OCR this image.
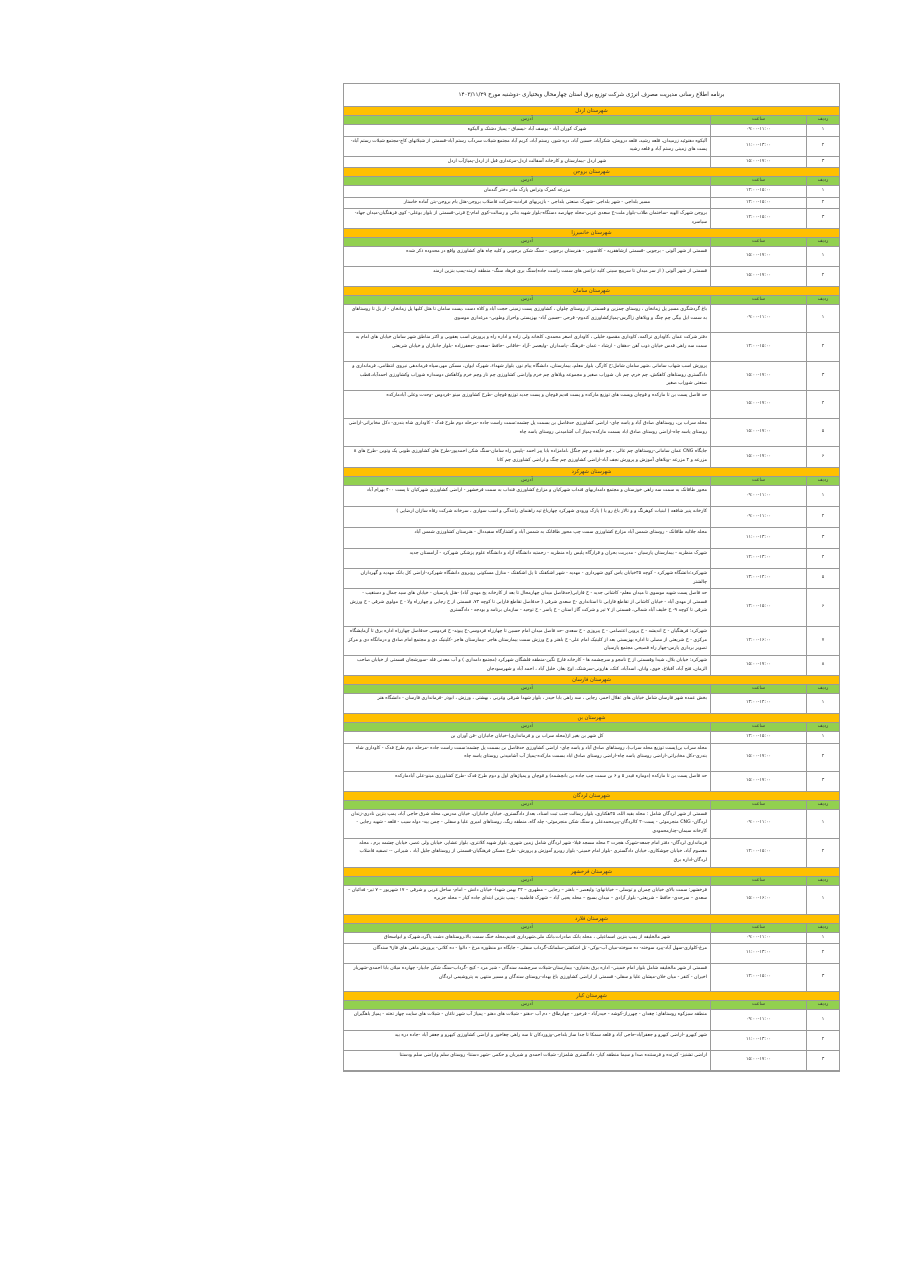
برنامه اطلاع رسانی مدیریت مصرف انرژی شرکت توزیع برق استان چهارمحال وبختیاری -دوشنبه مورخ ۱۴۰۳/۱۱/۲۹
شهرستان اردل
ردیف
ساعت
آدرس
۱
۰۹:۰۰-۱۱:۰۰
شهرک کوران آباد - یوسف آباد -نیسیاق - پمپاژ دشتک و آلیکوه
۲
۱۱:۰۰-۱۳:۰۰
آلیکوه دهنوئید زرمیدان، قلعه رشید، قلعه درویش، شکرآباد، حسین آباد، دره شور، رستم آباد، کریم آباد مجتمع شیلات سردآب رستم آباد-قسمتی از شیلاتهای کاج-مجتمع شیلات رستم آباد-پست های زمینی رستم آباد و قلعه رشید
۳
۱۵:۰۰-۱۷:۰۰
شهر اردل -بیمارستان و کارخانه آسفالت اردل-مرغداری قبل از اردل-پمپاژآب اردل
شهرستان بروجن
ردیف
ساعت
آدرس
۱
۱۴:۰۰-۱۵:۰۰
مزرعه کمرک وتراس پارک مادر دختر گندمان
۲
۱۴:۰۰-۱۵:۰۰
مسیر بلداجی - شهر بلداجی -شهرک صنعتی بلداجی - بازیریهای فرادنبه-شرکت فاضلاب بروجن-هتل بام بروجن-بتن آماده خاستار
۳
۱۴:۰۰-۱۵:۰۰
بروجن شهرک الهیه -ساختمان طلاب-بلوار ملت-خ سعدی غربی-محله چهارصد دستگاه-بلوار شهید بنائی و رسالت-کوی امام-خ قرنی-قسمتی از بلوار بوعلی- کوی فرهنگیان-میدان جهاد- سیاسرد
شهرستان خانمیرزا
ردیف
ساعت
آدرس
۱
۱۵:۰۰-۱۷:۰۰
قسمتی از شهر آلونی - برجویی -قسمتی ازشاهفریه - کلاسویی - هنرستان برجویی - سنگ شکن برجویی و کلیه چاه های کشاورزی واقع در محدوده ذکر شده
۲
۱۵:۰۰-۱۷:۰۰
قسمتی از شهر آلونی ( از سر میدان تا سرپیچ سینی کلیه ترانس های سمت راست جاده)سنگ بری فرهاد سنگ- منطقه ارمند-پمپ بنزین ارمند
شهرستان سامان
ردیف
ساعت
آدرس
۱
۰۹:۰۰-۱۱:۰۰
باغ گردشگری مسیر پل زمانخان ، روستای چمزین و قسمتی از روستای چلوان ، کشاورزی پست زمینی حجت آباد و کلاه دست ،پست سامان تا هتل کلبها پل زمانخان - از پل تا روستاهای به سمت ایل بیگی چم چنگ و ویلاهای زاگرس-پمپاژکشاورزی کندوم- قرحی -حسین آباد- بهزیستی واحراز وطوبی- مرغداری موسوی
۲
۱۴:۰۰-۱۵:۰۰
دفتر شرکت عمان ،کاوداری تراکمه، کاوداری مقصود خلیلی ، کاوداری اصغر محمدی، کلخانه ولی زاده و اداره راه و پرورش اسب یعقوبی و اکثر مناطق شهر سامان خیابان های امام به سمت سه راهی قدس خیابان ذوب آهن -دهقان - ارشاد - عمان -فرهنگ -پاسداران -ولیعصر -آزاد -خاقانی -حافظ -سعدی -جعفرزاده -بلوار جانبازان و خیابان شریعتی
۳
۱۵:۰۰-۱۷:۰۰
پرورش اسب شهاب سامانی ،شهر سامان شامل:خ کارگر، بلوار معلم، بیمارستان، دانشگاه پیام نور، بلوار شهداء، شهرک ایوان، مسکن مهر،سپاه فرماندهی نیروی انتظامی، فرمانداری و دادگستری روستاهای کاهکش، چم خرم، چم نار، شوراب صغیر و مجموعه ویلاهای چم خرم واراضی کشاورزی چم نار وچم خرم وکاهکش دوسداره شوراب وکشاورزی احمدآباد،قطب صنعتی شوراب صغیر
۴
۱۵:۰۰-۱۷:۰۰
حد فاصل پست بن تا مارکده و قوچان وپست های توزیع مارکده و پست قدیم قوچان و پست جدید توزیع قوچان -طرح کشاورزی مینو -فردوس -وحدت وعلی آبادمارکده
۵
۱۵:۰۰-۱۷:۰۰
محله سراب بن، روستاهای صادق آباد و یاسه چای- اراضی کشاورزی حدفاصل بن بسمت پل چشمه:سمت راست جاده -مرحله دوم طرح فدک - کاوداری شاه بندری- دکل مخابراتی-اراضی روستای یاسه چاه-اراضی روستای صادق اباد بسمت مارکده-پمپاژ آب آشامیدنی روستای یاسه چاه
۶
۱۵:۰۰-۱۷:۰۰
جایگاه CNG عمان سامانی-روستاهای چم عالی ، چم خلیفه و چم جنگل ،امامزاده بابا پیر احمد -پلیس راه سامان-سنگ شکن احمدپور-طرح های کشاورزی طوبی پک وتوبن -طرح های ۸ مزرعه و ۲ مزرعه -ویلاهای آموزش و پرورش نجف آباد-اراضی کشاورزی چم چنگ و اراضی کشاورزی چم کانا
شهرستان شهرکرد
ردیف
ساعت
آدرس
۱
۰۹:۰۰-۱۱:۰۰
محور طاقانک به سمت سه راهی خوزستان و مجتمع دامداریهای قنداب شهرکیان و مزارع کشاورزی قنداب به سمت فرخشهر - اراضی کشاورزی شهرکیان تا پست ۴۰۰ بهرام آباد
۲
۰۹:۰۰-۱۱:۰۰
کارخانه پنیر شافعه ( لبنیات کوهرنگ و و تالار باغ رو یا ) پارک ورودی شهرکرد چهارباغ تپه راهنمای رانندگی و اسب سواری ، سرخانه شرکت رفاه سازان ارضایی )
۳
۱۱:۰۰-۱۳:۰۰
محله جلالیه طاقانک - روستای شمس آباد مزارع کشاورزی سمت چپ محور طاقانک به شمس آباد و کشتارگاه سفیددال - هنرستان کشاورزی شمس آباد
۴
۱۲:۰۰-۱۳:۰۰
شهرک منظریه - بیمارستان پارسیان - مدیریت بحران و قرارگاه پلیس راه منظریه - رحمتیه دانشگاه آزاد و دانشگاه علوم پزشکی شهرکرد - آزامستان جدید
۵
۱۳:۰۰-۱۴:۰۰
شهرکرد:دانشگاه شهرکرد - کوچه ۴۵خیابان یاس کوی شهرداری - مهدیه - شهر اشکفتک تا پل اشکفتک - منازل مسکونی روبروی دانشگاه شهرکرد-اراضی کل بانک مهدیه و گهرداران چالشتر
۶
۱۴:۰۰-۱۵:۰۰
حد فاصل پست شهید موسوی تا میدان معلم- کاشانی جدید - خ فارابی(حدفاصل میدان چهارمحال تا بعد از کارخانه یخ مهدی آباد) -هتل پارسیان - خیابان های سید جمال و دستغیب - قسمتی از مهدی آباد - خیابان کاشانی از تقاطع فارابی تا استانداری -خ سعدی شرقی ( حدفاصل تقاطع فارابی تا کوچه ۷۴، قسمتی از خ رجایی و چهارراه ولا - خ مولوی شرقی - خ ورزش شرقی تا کوچه ۹- خ خلیف آباد شمالی، قسمتی از ۷ تیر و شرکت گاز استان - خ پاسر - خ توحید - سازمان برنامه و بودجه - دادگستری
۷
۱۴:۰۰-۱۶:۰۰
شهرکرد: فرهنگیان - خ اندیشه - خ پروین اعتصامی - خ پیروزی - خ سعدی -حد فاصل میدان امام حسین تا چهارراه فردوسی-خ پیوند- خ فردوسی حدفاصل چهارراه اداره برق تا آزمایشگاه مرکزی - خ شریعتی از مصلی تا اداره بهزیستی بعد از کلینیک امام علی- خ باهنر و خ ورزش سمت بیمارستان هاجر -بیمارستان هاجر -کلینیک دی و مجتمع امام صادق و درمانگاه دی و مرکز تصویر برداری پارس-چهار راه فصیحی مجتمع پارسیان
۸
۱۵:۰۰-۱۷:۰۰
شهرکرد: خیابان بلال، شیدا وقسمتی از خ نامجو و سرچشمه ها - کارخانه فارچ نگین-منطقه فلشگان شهرکرد (مجتمع دامداری ) و آب معدنی قله -سورشجان قسمتی از خیابان صاحب الزمان، فتح آباد، آقبلاغ، خوی، وانان، اسدآباد، کتک، هارونی-سرشتک، اوچ بغاز، خلیل آباد ، احمد آباد و شهرسودجان
شهرستان فارسان
ردیف
ساعت
آدرس
۱
۱۳:۰۰-۱۴:۰۰
بخش عمده شهر فارسان شامل خیابان های :هلال احمر، رجایی ، سه راهی بابا حیدر ، بلوار شهدا شرقی وغربی ، بهشتی ، ورزش ، ابوذر -فرمانداری فارسان - دانشگاه هنر
شهرستان بن
ردیف
ساعت
آدرس
۱
۱۴:۰۰-۱۵:۰۰
کل شهر بن بغیر از(محله سراب بن و فرمانداری)-خیابان جانبازان -فن آوران بن
۲
۱۵:۰۰-۱۷:۰۰
محله سراب بن(پست توزیع محله سراب)، روستاهای صادق آباد و یاسه چای- اراضی کشاورزی حدفاصل بن بسمت پل چشمه:سمت راست جاده -مرحله دوم طرح فدک - کاوداری شاه بندری-دکل مخابراتی-اراضی روستای یاسه چاه-اراضی روستای صادق اباد بسمت مارکده-پمپاژ آب آشامیدنی روستای یاسه چاه
۳
۱۵:۰۰-۱۷:۰۰
حد فاصل پست بن تا مارکده (دوماره فیدر ۵ و ۶ بن سمت چپ جاده بن بانچشمه) و قوچان و پمپاژهای اول و دوم طرح فدک -طرح کشاورزی مینو-علی آبادمارکده
شهرستان لردگان
ردیف
ساعت
آدرس
۱
۰۹:۰۰-۱۱:۰۰
قسمتی از شهر لردگان شامل : محله بقیه الله، ۴۵هکتاری، بلوار رسالت جنب ثبت اسناد، بعداز دادگستری، خیابان جانبازان، خیابان مدرس، محله شرق حاجی آباد، پمپ بنزین نادری-زندان لردگان- CNG منجرموئی - پست۲۰ کالردگان-پیرمحمدعلی و سنگ شکن منجرموئی- چله گاه، منطقه ریگ، روستاهای امیری علیا و سفلی - چمن بید- دوله سیب - قلعه - شهید رجایی - کارخانه سیمان-چنارمحمودی
۲
۱۴:۰۰-۱۵:۰۰
فرمانداری لردگان- دفتر امام جمعه-شهرک هجرت ۲ محله مسجد فیلا- شهر لردگان شامل زمین شهری، بلوار شهید کلانتری، بلوار عشایر، خیابان ولی عصر، خیابان چشمه برم ، محله معصوم آباد، خیابان جوشکاری، خیابان دادگستری -بلوار امام خمینی- بلوار روبرو آموزش و پرورش- طرح مسکن فرهنگیان-قسمتی از روستاهای جلیل آباد ، شیرانی -- تصفیه فاضلاب لردگان-اداره برق
شهرستان فرخشهر
ردیف
ساعت
آدرس
۱
۱۵:۰۰-۱۶:۰۰
فرخشهر: سمت بالای خیابان چمران و توسلی – خیابانهای: ولیعصر – باهنر – رجایی – مطهری – ۲۲ بهمن شهدا- خیابان دانش – امام- ساحل غربی و شرقی – ۱۷ شهریور – ۷ تیر- فدائیان – سعدی – سرحدی- حافظ – شریعتی- بلوار آزادی – میدان بسیج – محله یحیی آباد – شهرک فاطمیه - پمپ بنزین ابتدای جاده کیار – محله جزیره
شهرستان فلارد
ردیف
ساعت
آدرس
۱
۰۹:۰۰-۱۱:۰۰
شهر مالخلیفه از پمپ بنزین اسماعیلی ، محله بانک صادرات،بانک ملی،شهرداری قدیم،محله خنگ سمت بالا،روستاهای دشت پاگرد،شهرک و ابواسحاق
۲
۱۱:۰۰-۱۳:۰۰
مرغ-کلواری-سهل آباد-پیرد سوخته- ده سوخته-میان آب-بوکی- تل اشکفتی-سلمانک-گرداب سفلی - جایگاه دو منظوره مرغ - دالوا - ده کلانی- پرورش ماهی های فاز۹ سندگان
۳
۱۴:۰۰-۱۵:۰۰
قسمتی از شهر مالخلیفه شامل بلوار امام خمینی- اداره برق بختیاری- بیمارستان-شیلات سرچشمه سندگان - شیر مرد - کیچ -گرداب-سنگ شکن جابیار- چهارده میلان بابا احمدی-شهریار اخیران - کتفر - میان خلان-میشان علیا و سفلی- قسمتی از اراضی کشاورزی باغ بهداد-روستای سندگان و مسیر منتهی به پتروشیمی لردگان
شهرستان کیار
ردیف
ساعت
آدرس
۱
۰۹:۰۰-۱۱:۰۰
منطقه سبزکوه روستاهای: چغدان - چهرراز-کوشه - حیدرآباد - فرخور - چهارطاق - دم آب -دهنو - شیلات های دهنو - پمپاژ آب شهر ناغان - شیلات های سایت چهار تخته - پمپاژ باهگیران
۲
۱۱:۰۰-۱۳:۰۰
شهر کیهرو -اراضی کیهرو و جعفرآباد-حاجی آباد و قلعه سمکا تا جدا ساز بلداجی-وزوردکان تا سه راهی چغاخور و اراضی کشاورزی کیهرو و جعفر آباد -جاده دره بید
۳
۱۵:۰۰-۱۷:۰۰
اراضی تشنیز- کیرنده و فرستنده صدا و سیما منطقه کیار- دادگستری شلمزار- شیلات احمدی و شیربان و حکمی -شهر دستنا- روستای سلم واراضی سلم ودستنا
